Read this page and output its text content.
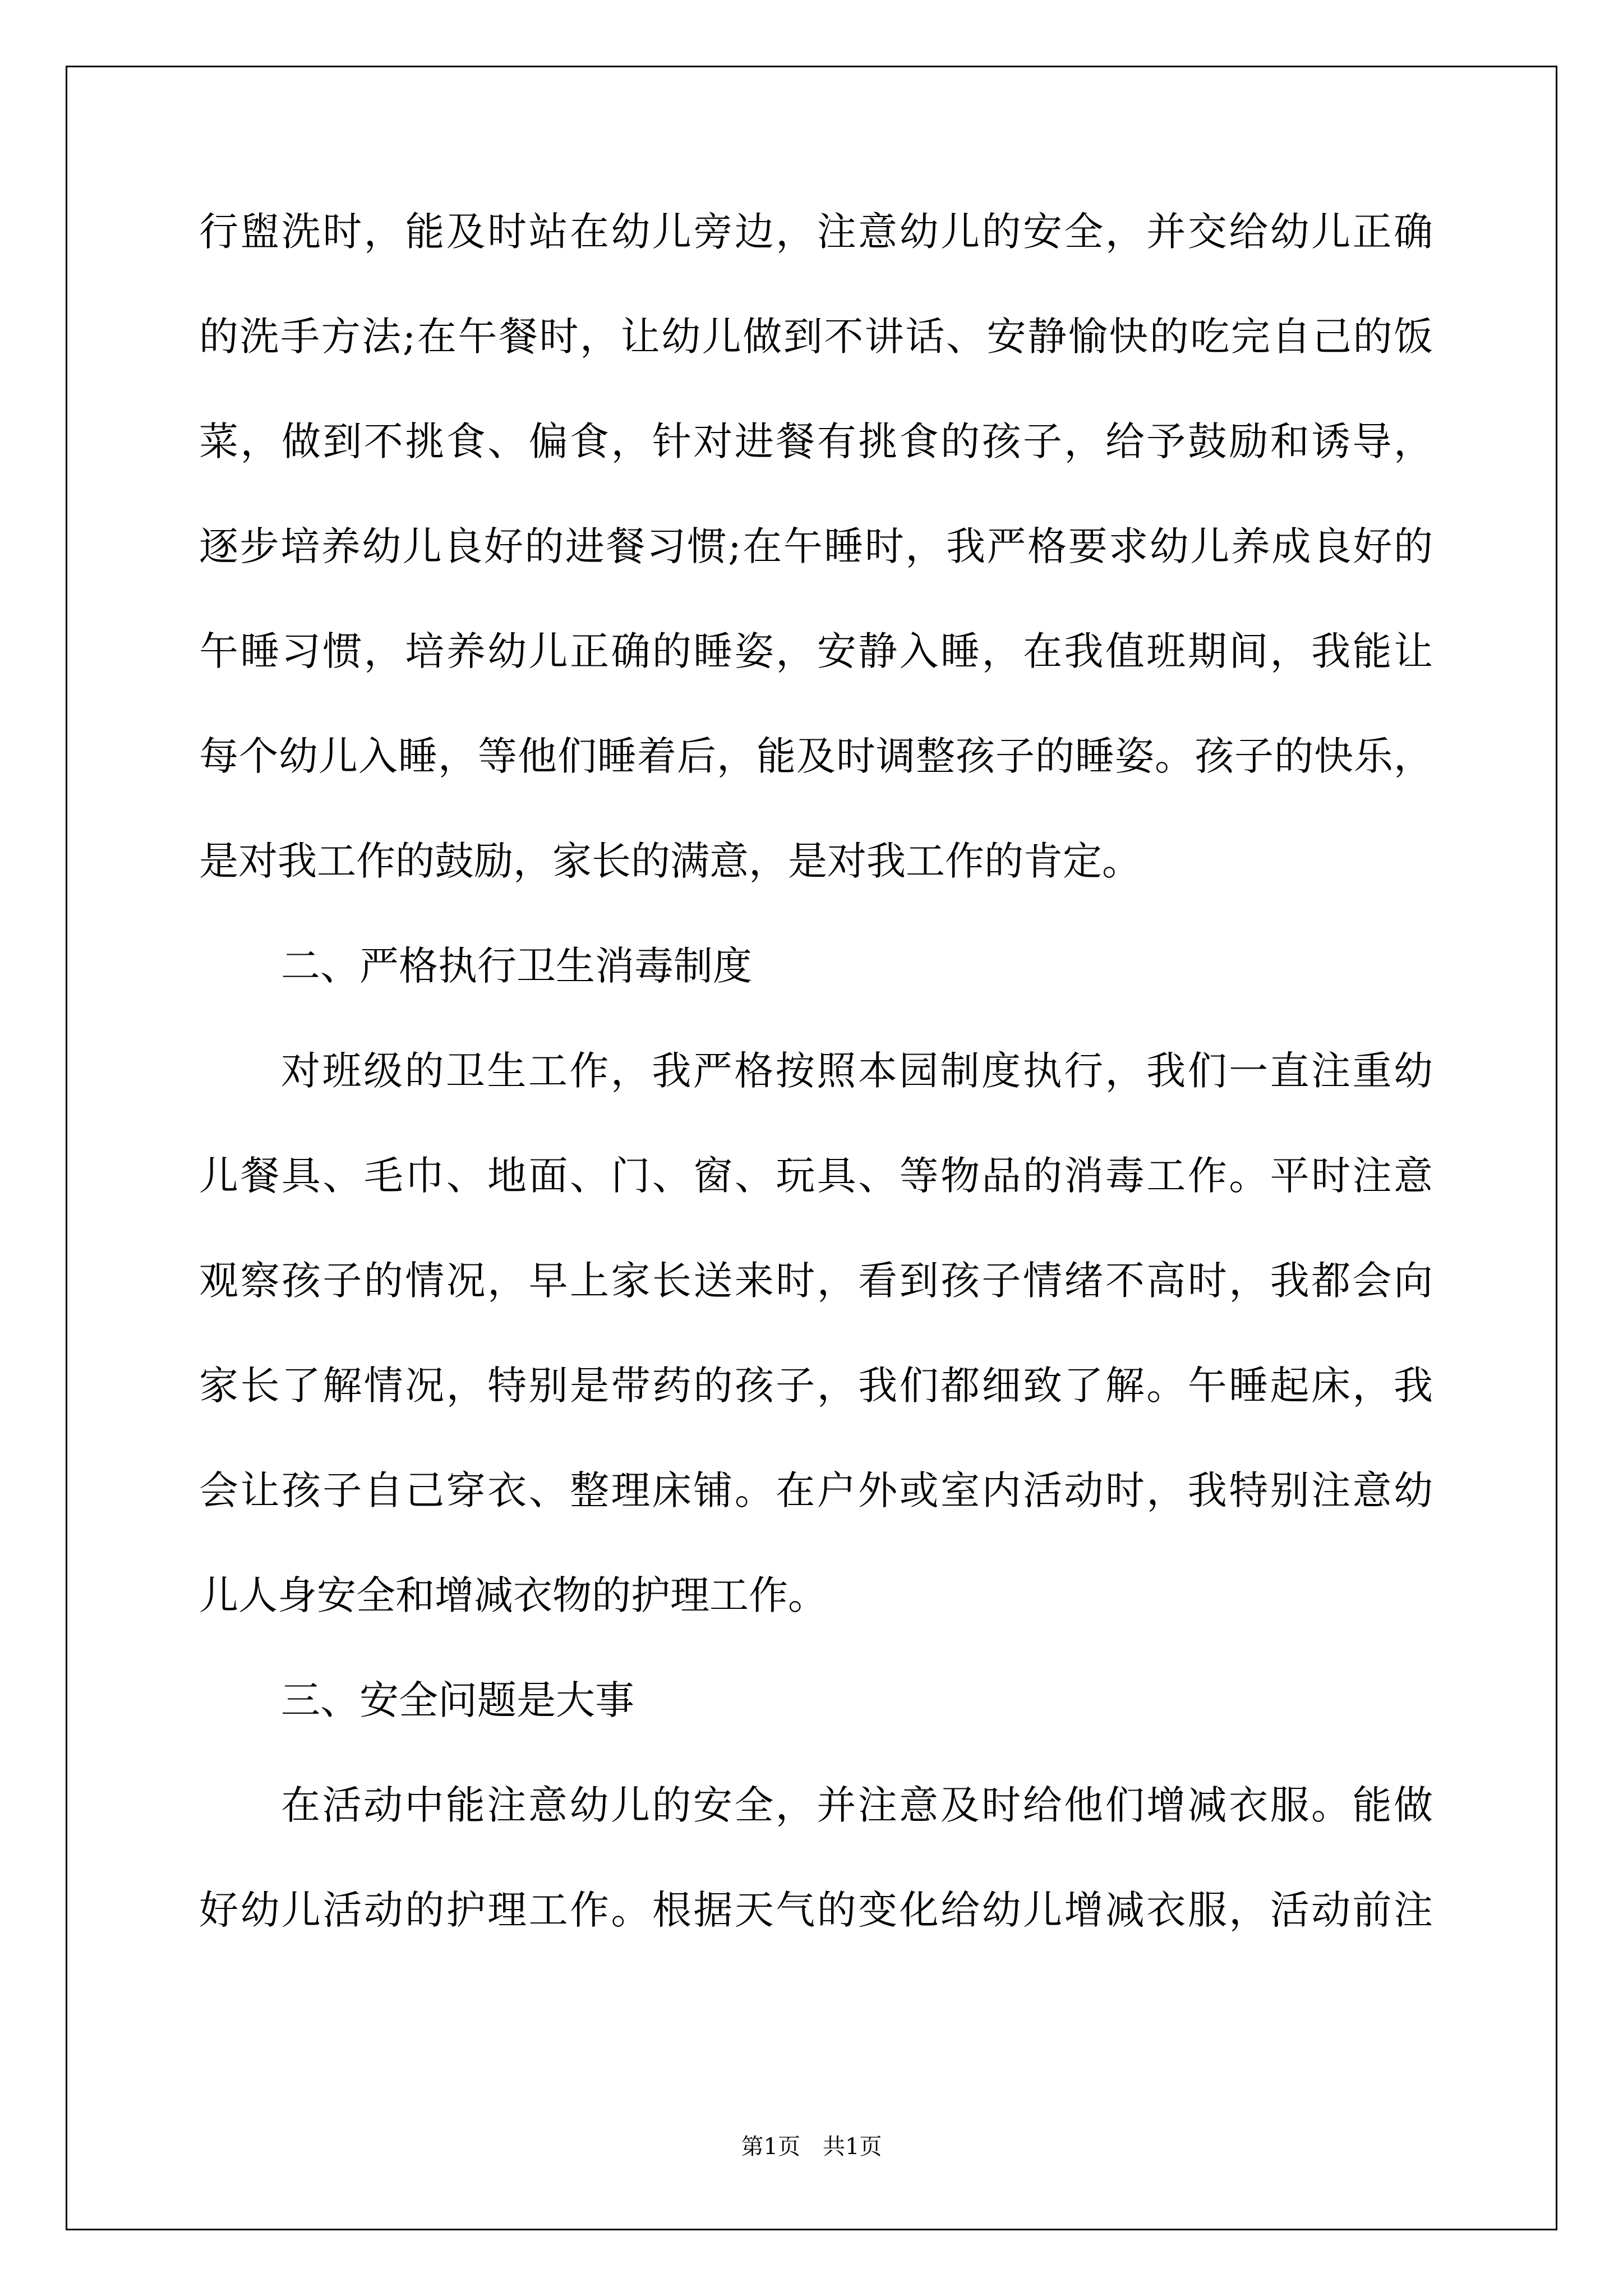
行盥洗时，能及时站在幼儿旁边，注意幼儿的安全，并交给幼儿正确
的洗手方法;在午餐时，让幼儿做到不讲话、安静愉快的吃完自己的饭
菜，做到不挑食、偏食，针对进餐有挑食的孩子，给予鼓励和诱导，
逐步培养幼儿良好的进餐习惯;在午睡时，我严格要求幼儿养成良好的
午睡习惯，培养幼儿正确的睡姿，安静入睡，在我值班期间，我能让
每个幼儿入睡，等他们睡着后，能及时调整孩子的睡姿。孩子的快乐，
是对我工作的鼓励，家长的满意，是对我工作的肯定。
二、严格执行卫生消毒制度
对班级的卫生工作，我严格按照本园制度执行，我们一直注重幼
儿餐具、毛巾、地面、门、窗、玩具、等物品的消毒工作。平时注意
观察孩子的情况，早上家长送来时，看到孩子情绪不高时，我都会向
家长了解情况，特别是带药的孩子，我们都细致了解。午睡起床，我
会让孩子自己穿衣、整理床铺。在户外或室内活动时，我特别注意幼
儿人身安全和增减衣物的护理工作。
三、安全问题是大事
在活动中能注意幼儿的安全，并注意及时给他们增减衣服。能做
好幼儿活动的护理工作。根据天气的变化给幼儿增减衣服，活动前注
第1页　共1页
